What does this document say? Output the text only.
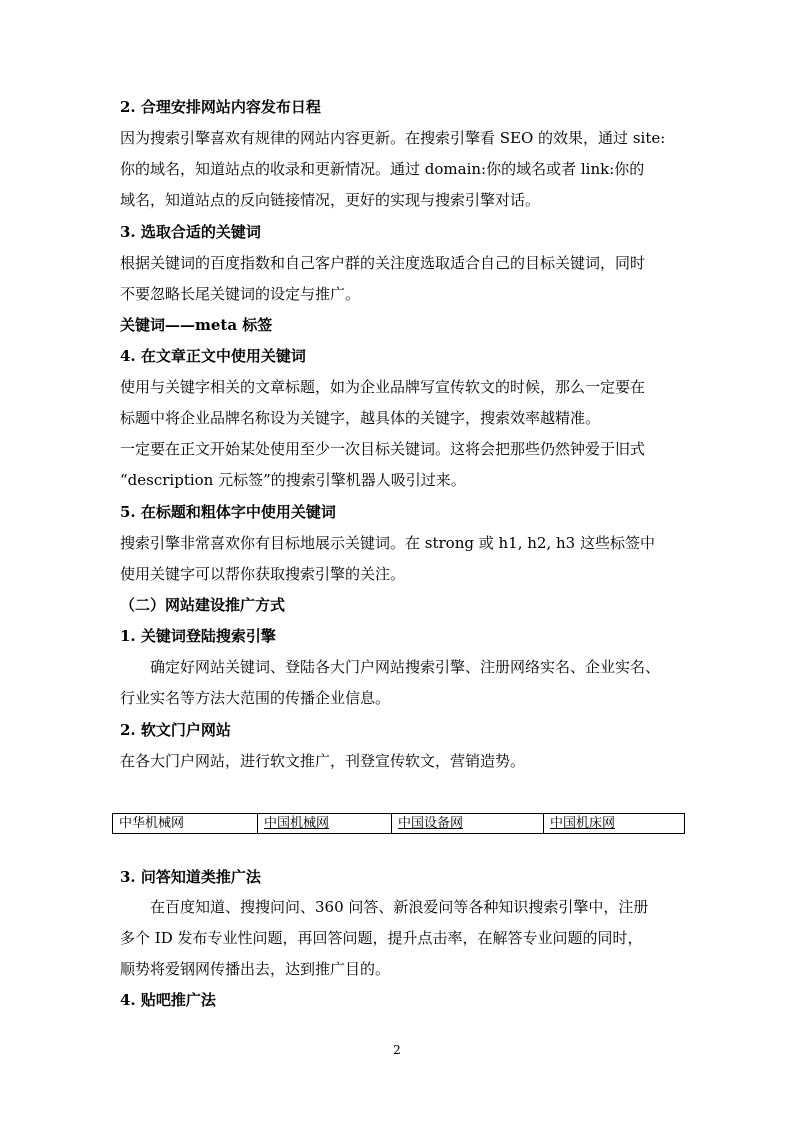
2. 合理安排网站内容发布日程
因为搜索引擎喜欢有规律的网站内容更新。在搜索引擎看 SEO 的效果，通过 site:
你的域名，知道站点的收录和更新情况。通过 domain:你的域名或者 link:你的
域名，知道站点的反向链接情况，更好的实现与搜索引擎对话。
3. 选取合适的关键词
根据关键词的百度指数和自己客户群的关注度选取适合自己的目标关键词，同时
不要忽略长尾关键词的设定与推广。
关键词——meta 标签
4. 在文章正文中使用关键词
使用与关键字相关的文章标题，如为企业品牌写宣传软文的时候，那么一定要在
标题中将企业品牌名称设为关键字，越具体的关键字，搜索效率越精准。
一定要在正文开始某处使用至少一次目标关键词。这将会把那些仍然钟爱于旧式
“description 元标签”的搜索引擎机器人吸引过来。
5. 在标题和粗体字中使用关键词
搜索引擎非常喜欢你有目标地展示关键词。在 strong 或 h1, h2, h3 这些标签中
使用关键字可以帮你获取搜索引擎的关注。
（二）网站建设推广方式
1. 关键词登陆搜索引擎
确定好网站关键词、登陆各大门户网站搜索引擎、注册网络实名、企业实名、
行业实名等方法大范围的传播企业信息。
2. 软文门户网站
在各大门户网站，进行软文推广，刊登宣传软文，营销造势。
中华机械网	中国机械网	中国设备网	中国机床网
3. 问答知道类推广法
在百度知道、搜搜问问、360 问答、新浪爱问等各种知识搜索引擎中，注册
多个 ID 发布专业性问题，再回答问题，提升点击率，在解答专业问题的同时，
顺势将爱钢网传播出去，达到推广目的。
4. 贴吧推广法
2
